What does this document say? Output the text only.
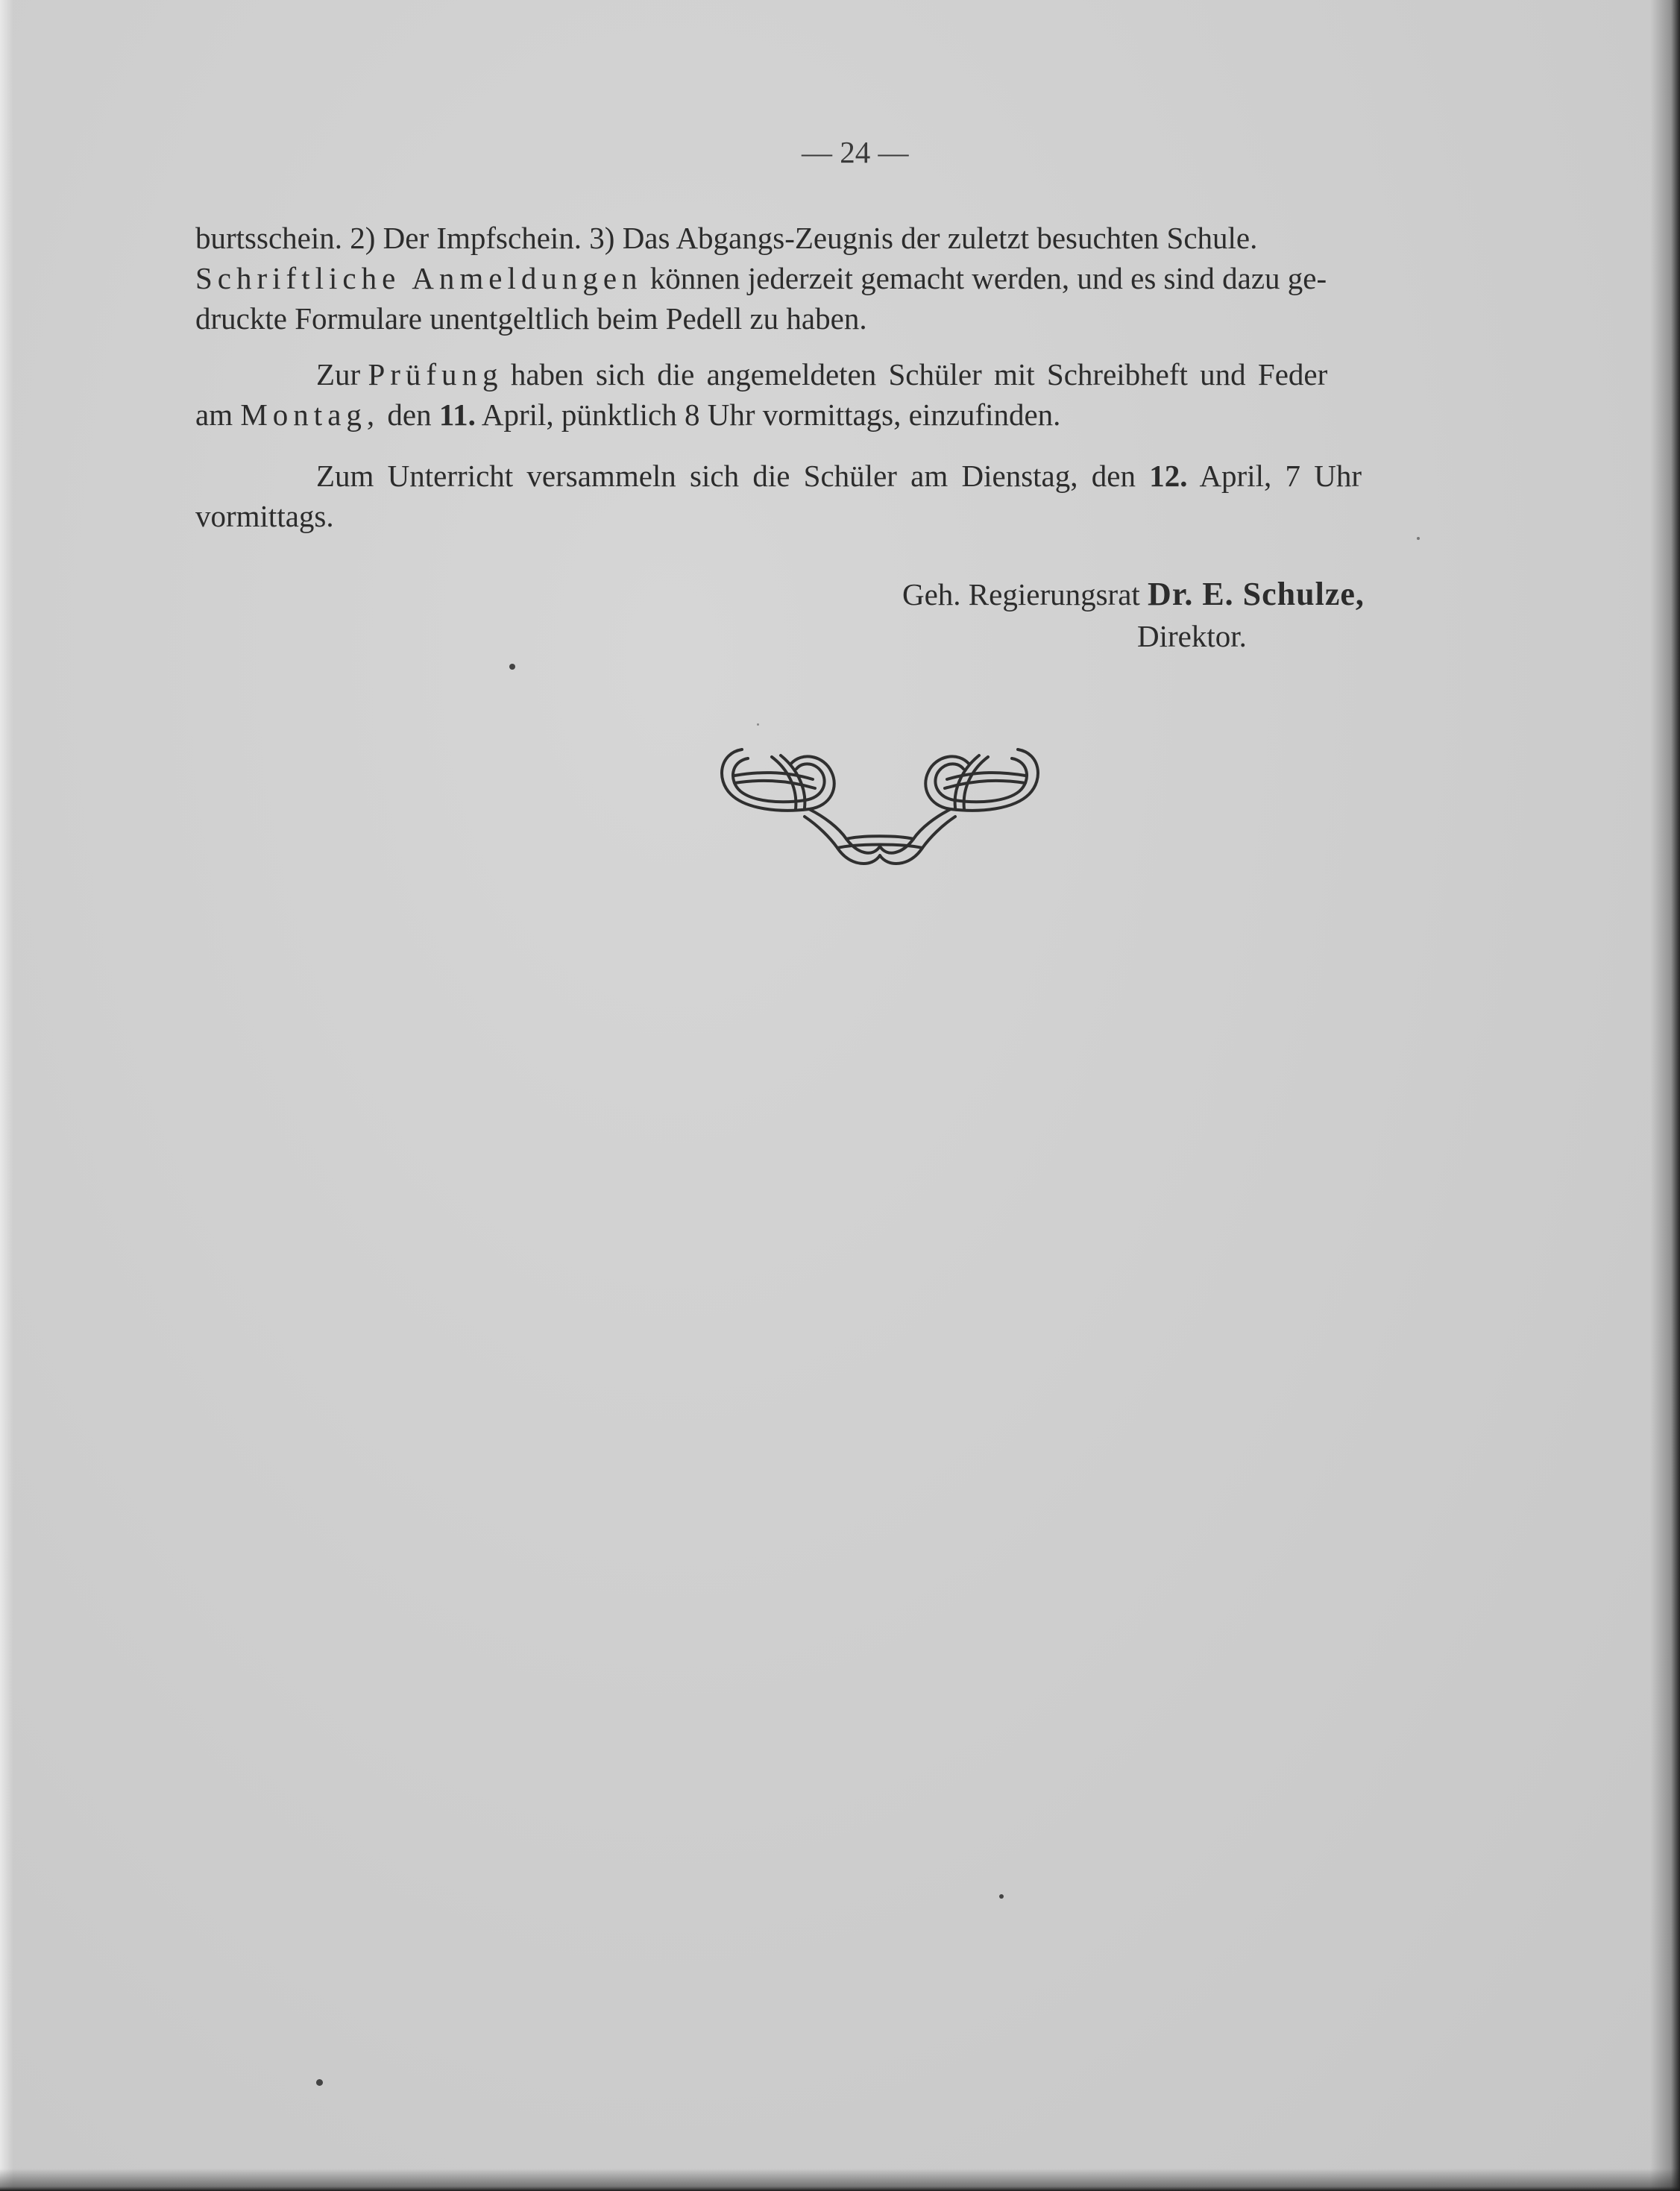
— 24 —
burtsschein. 2) Der Impfschein. 3) Das Abgangs-Zeugnis der zuletzt besuchten Schule.
Schriftliche Anmeldungen können jederzeit gemacht werden, und es sind dazu ge-
druckte Formulare unentgeltlich beim Pedell zu haben.
Zur Prüfung haben sich die angemeldeten Schüler mit Schreibheft und Feder
am Montag, den 11. April, pünktlich 8 Uhr vormittags, einzufinden.
Zum Unterricht versammeln sich die Schüler am Dienstag, den 12. April, 7 Uhr
vormittags.
Geh. Regierungsrat Dr. E. Schulze,
Direktor.
